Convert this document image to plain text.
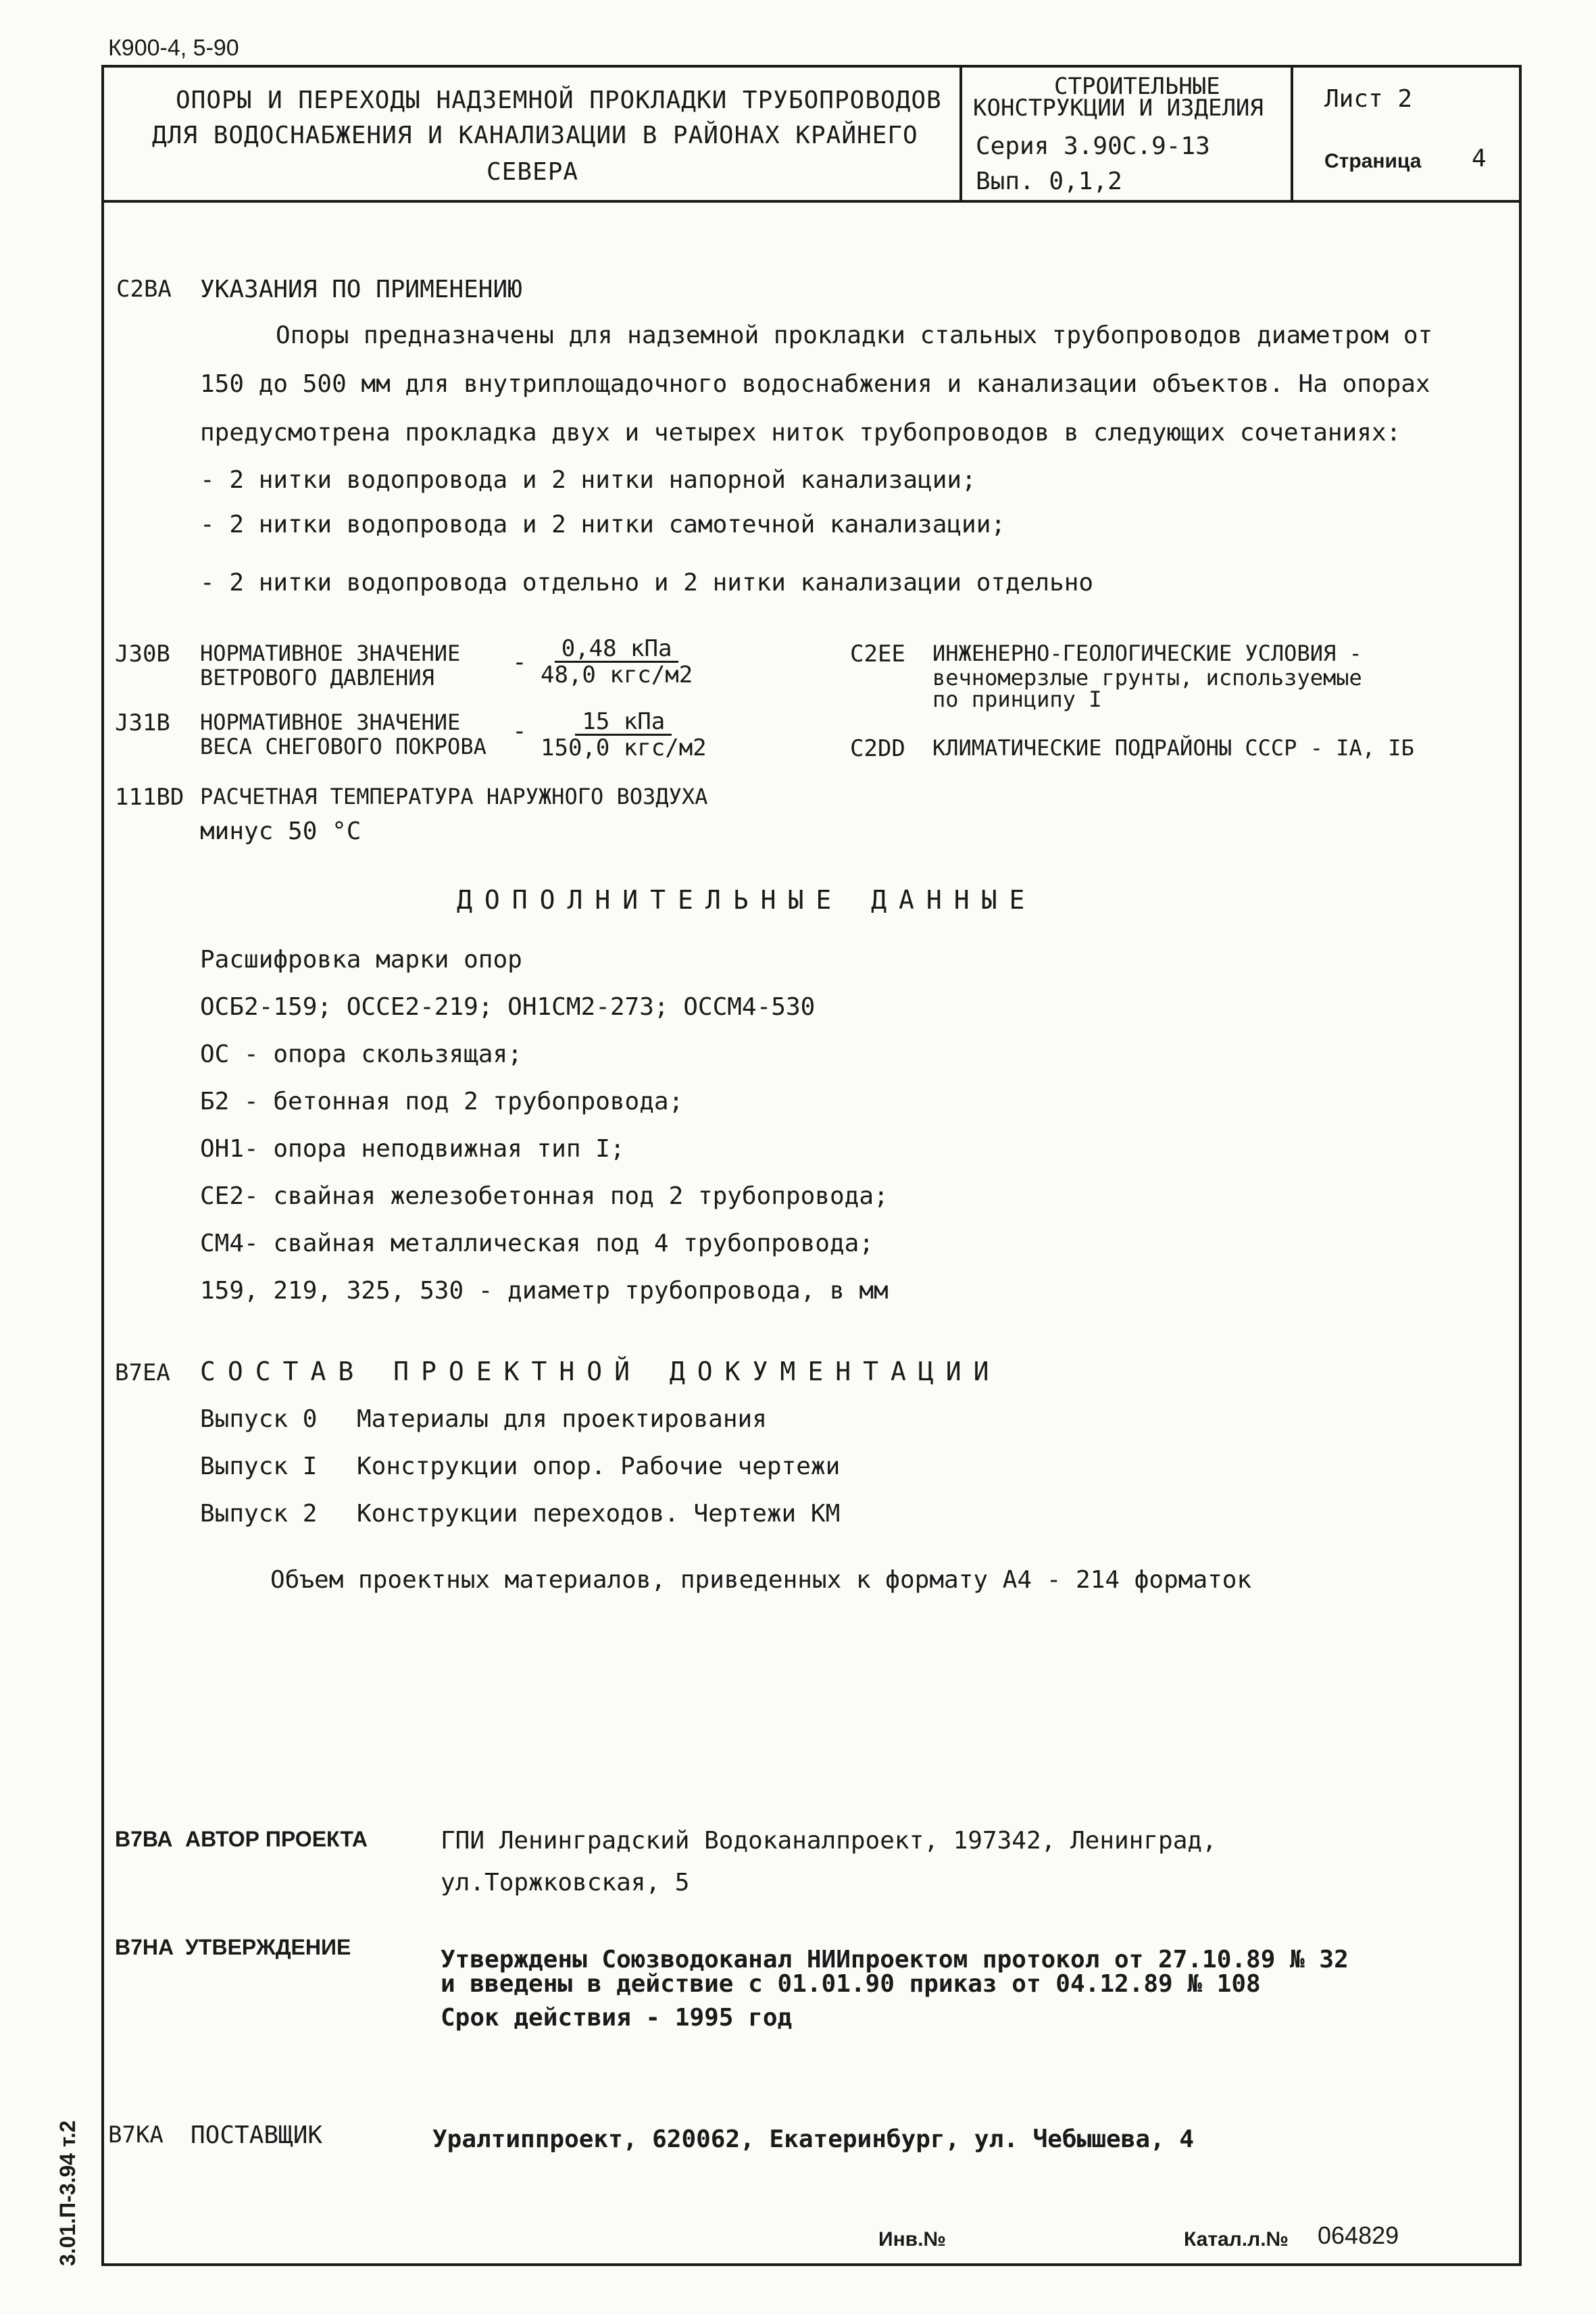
К900-4, 5-90
ОПОРЫ И ПЕРЕХОДЫ НАДЗЕМНОЙ ПРОКЛАДКИ ТРУБОПРОВОДОВ
ДЛЯ ВОДОСНАБЖЕНИЯ И КАНАЛИЗАЦИИ В РАЙОНАХ КРАЙНЕГО
СЕВЕРА
СТРОИТЕЛЬНЫЕ
КОНСТРУКЦИИ И ИЗДЕЛИЯ
Серия 3.90С.9-13
Вып. 0,1,2
Лист 2
Страница 4
С2ВА УКАЗАНИЯ ПО ПРИМЕНЕНИЮ
Опоры предназначены для надземной прокладки стальных трубопроводов диаметром от
150 до 500 мм для внутриплощадочного водоснабжения и канализации объектов. На опорах
предусмотрена прокладка двух и четырех ниток трубопроводов в следующих сочетаниях:
- 2 нитки водопровода и 2 нитки напорной канализации;
- 2 нитки водопровода и 2 нитки самотечной канализации;
- 2 нитки водопровода отдельно и 2 нитки канализации отдельно
J30В НОРМАТИВНОЕ ЗНАЧЕНИЕ
ВЕТРОВОГО ДАВЛЕНИЯ
- 0,48 кПа
48,0 кгс/м2
J31В НОРМАТИВНОЕ ЗНАЧЕНИЕ
ВЕСА СНЕГОВОГО ПОКРОВА
- 15 кПа
150,0 кгс/м2
С2ЕЕ ИНЖЕНЕРНО-ГЕОЛОГИЧЕСКИЕ УСЛОВИЯ -
вечномерзлые грунты, используемые
по принципу I
С2DD КЛИМАТИЧЕСКИЕ ПОДРАЙОНЫ СССР - IА, IБ
111ВD РАСЧЕТНАЯ ТЕМПЕРАТУРА НАРУЖНОГО ВОЗДУХА
минус 50 °С
ДОПОЛНИТЕЛЬНЫЕ ДАННЫЕ
Расшифровка марки опор
ОСБ2-159; ОССЕ2-219; ОН1СМ2-273; ОССМ4-530
ОС - опора скользящая;
Б2 - бетонная под 2 трубопровода;
ОН1- опора неподвижная тип I;
СЕ2- свайная железобетонная под 2 трубопровода;
СМ4- свайная металлическая под 4 трубопровода;
159, 219, 325, 530 - диаметр трубопровода, в мм
В7ЕА СОСТАВ ПРОЕКТНОЙ ДОКУМЕНТАЦИИ
Выпуск 0 Материалы для проектирования
Выпуск I Конструкции опор. Рабочие чертежи
Выпуск 2 Конструкции переходов. Чертежи КМ
Объем проектных материалов, приведенных к формату А4 - 214 форматок
В7ВА АВТОР ПРОЕКТА	ГПИ Ленинградский Водоканалпроект, 197342, Ленинград,
ул.Торжковская, 5
В7НА УТВЕРЖДЕНИЕ	Утверждены Союзводоканал НИИпроектом протокол от 27.10.89 № 32
и введены в действие с 01.01.90 приказ от 04.12.89 № 108
Срок действия - 1995 год
В7КА ПОСТАВЩИК	Уралтиппроект, 620062, Екатеринбург, ул. Чебышева, 4
Инв.№	Катал.л.№ 064829
3.01.П-3.94 т.2
